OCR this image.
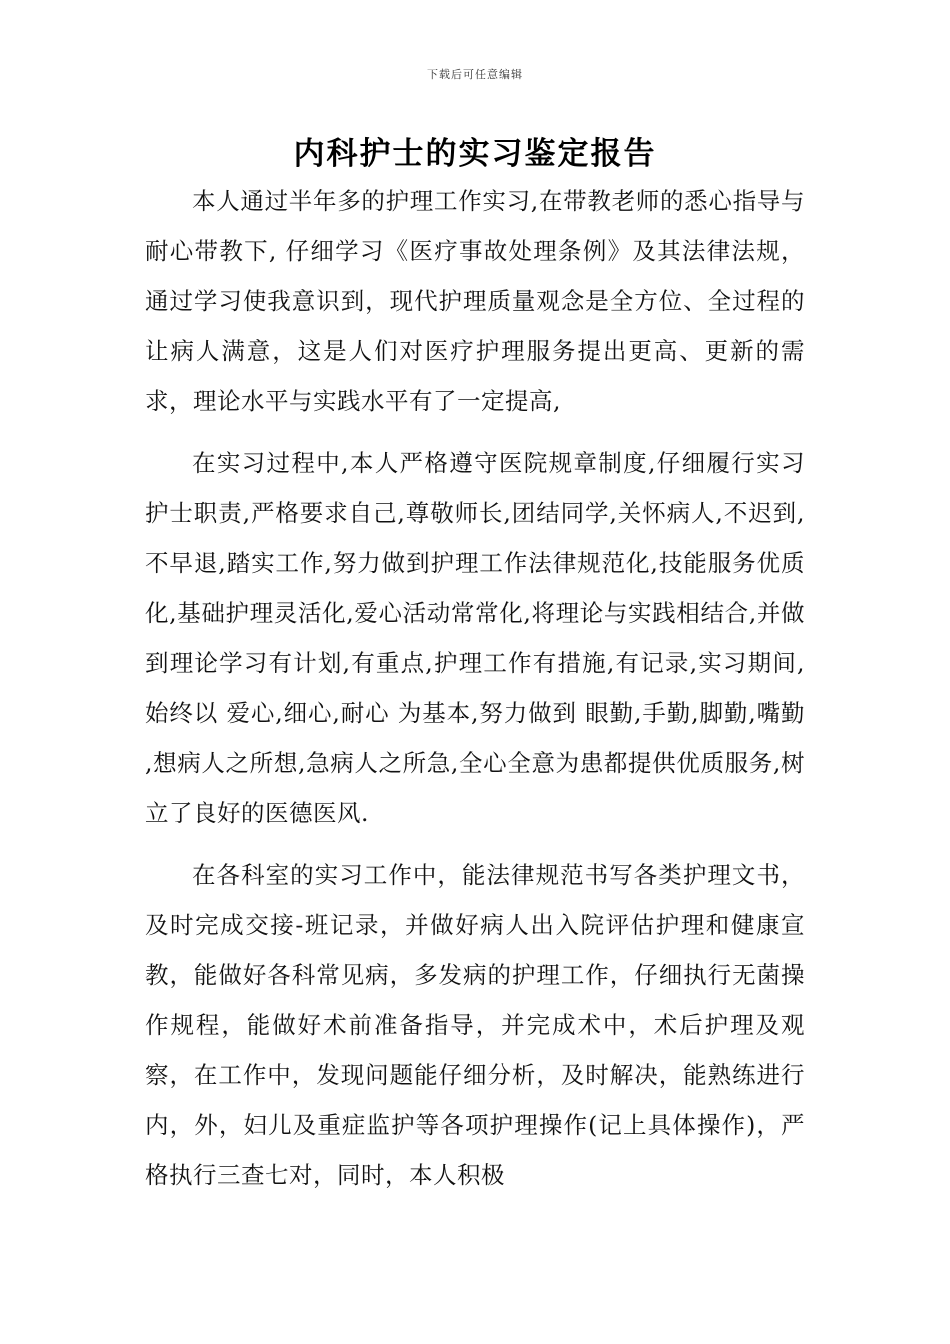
下载后可任意编辑
内科护士的实习鉴定报告

本人通过半年多的护理工作实习,在带教老师的悉心指导与耐心带教下, 仔细学习《医疗事故处理条例》及其法律法规，通过学习使我意识到，现代护理质量观念是全方位、全过程的让病人满意，这是人们对医疗护理服务提出更高、更新的需求，理论水平与实践水平有了一定提高,

在实习过程中,本人严格遵守医院规章制度,仔细履行实习护士职责,严格要求自己,尊敬师长,团结同学,关怀病人,不迟到,不早退,踏实工作,努力做到护理工作法律规范化,技能服务优质化,基础护理灵活化,爱心活动常常化,将理论与实践相结合,并做到理论学习有计划,有重点,护理工作有措施,有记录,实习期间,始终以 爱心,细心,耐心 为基本,努力做到 眼勤,手勤,脚勤,嘴勤 ,想病人之所想,急病人之所急,全心全意为患都提供优质服务,树立了良好的医德医风.

在各科室的实习工作中，能法律规范书写各类护理文书，及时完成交接-班记录，并做好病人出入院评估护理和健康宣教，能做好各科常见病，多发病的护理工作，仔细执行无菌操作规程，能做好术前准备指导，并完成术中，术后护理及观察，在工作中，发现问题能仔细分析，及时解决，能熟练进行 内，外，妇儿及重症监护等各项护理操作(记上具体操作)，严格执行三查七对，同时，本人积极
